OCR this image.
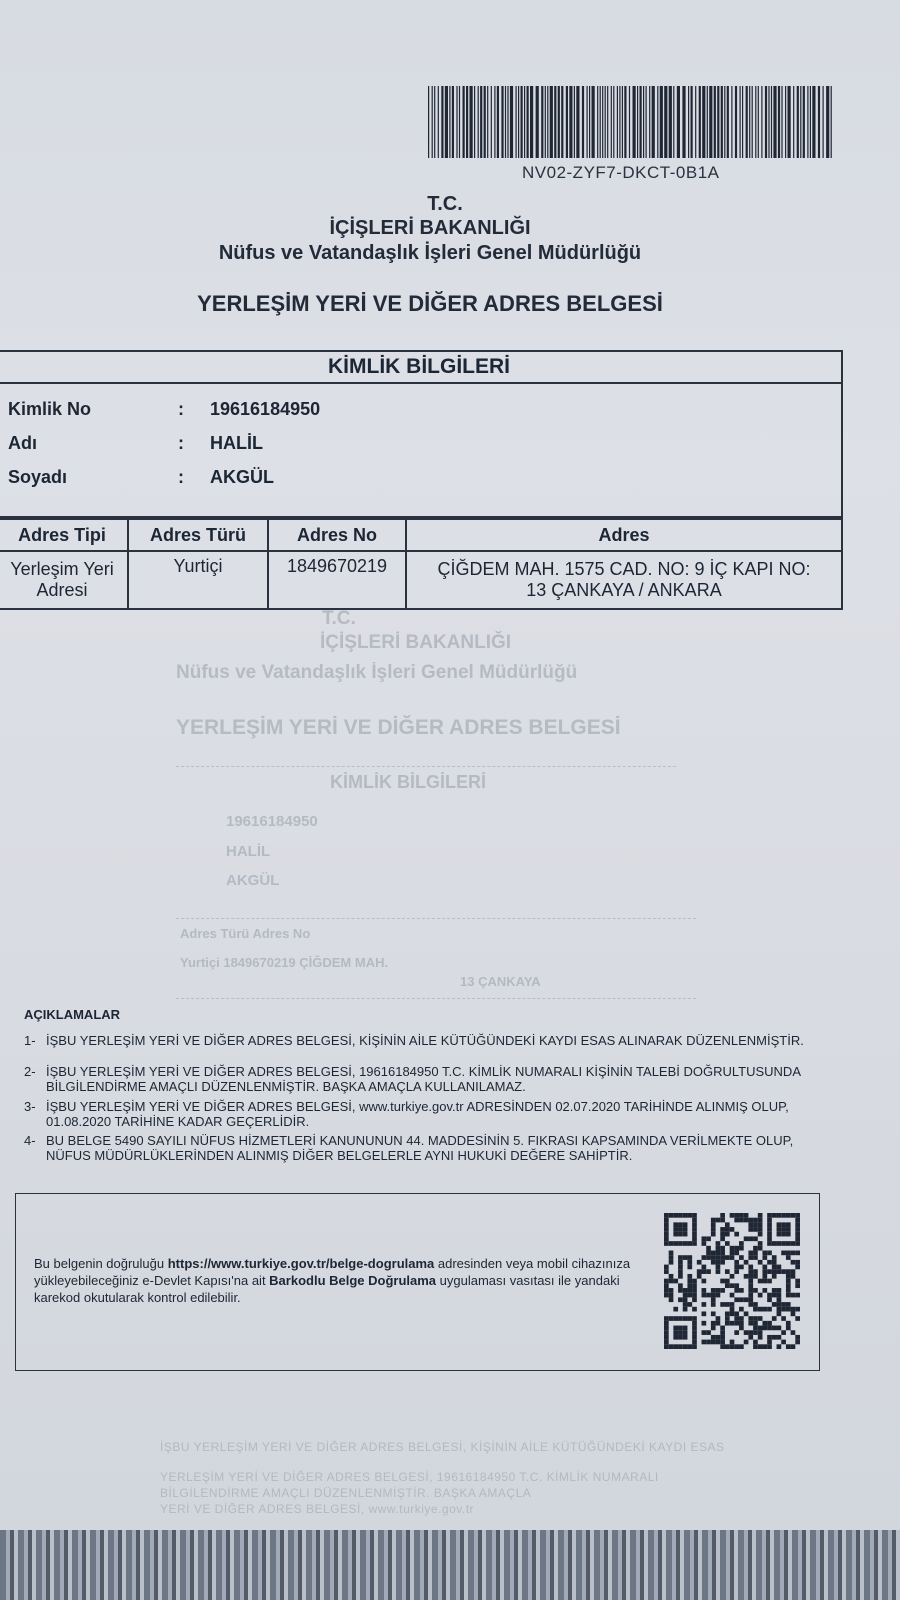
NV02-ZYF7-DKCT-0B1A
T.C.
İÇİŞLERİ BAKANLIĞI
Nüfus ve Vatandaşlık İşleri Genel Müdürlüğü
YERLEŞİM YERİ VE DİĞER ADRES BELGESİ
KİMLİK BİLGİLERİ
Kimlik No	: 19616184950
Adı	: HALİL
Soyadı	: AKGÜL
Adres Tipi	Adres Türü	Adres No	Adres
Yerleşim Yeri
Adresi	Yurtiçi	1849670219	ÇİĞDEM MAH. 1575 CAD. NO: 9 İÇ KAPI NO:
13 ÇANKAYA / ANKARA
T.C.
İÇİŞLERİ BAKANLIĞI
Nüfus ve Vatandaşlık İşleri Genel Müdürlüğü
YERLEŞİM YERİ VE DİĞER ADRES BELGESİ
KİMLİK BİLGİLERİ
19616184950
HALİL
AKGÜL
Adres Türü Adres No
Yurtiçi 1849670219 ÇİĞDEM MAH.
13 ÇANKAYA
AÇIKLAMALAR
1- İŞBU YERLEŞİM YERİ VE DİĞER ADRES BELGESİ, KİŞİNİN AİLE KÜTÜĞÜNDEKİ KAYDI ESAS ALINARAK DÜZENLENMİŞTİR.
2- İŞBU YERLEŞİM YERİ VE DİĞER ADRES BELGESİ, 19616184950 T.C. KİMLİK NUMARALI KİŞİNİN TALEBİ DOĞRULTUSUNDA BİLGİLENDİRME AMAÇLI DÜZENLENMİŞTİR. BAŞKA AMAÇLA KULLANILAMAZ.
3- İŞBU YERLEŞİM YERİ VE DİĞER ADRES BELGESİ, www.turkiye.gov.tr ADRESİNDEN 02.07.2020 TARİHİNDE ALINMIŞ OLUP, 01.08.2020 TARİHİNE KADAR GEÇERLİDİR.
4- BU BELGE 5490 SAYILI NÜFUS HİZMETLERİ KANUNUNUN 44. MADDESİNİN 5. FIKRASI KAPSAMINDA VERİLMEKTE OLUP, NÜFUS MÜDÜRLÜKLERİNDEN ALINMIŞ DİĞER BELGELERLE AYNI HUKUKİ DEĞERE SAHİPTİR.
Bu belgenin doğruluğu https://www.turkiye.gov.tr/belge-dogrulama adresinden veya mobil cihazınıza yükleyebileceğiniz e-Devlet Kapısı'na ait Barkodlu Belge Doğrulama uygulaması vasıtası ile yandaki karekod okutularak kontrol edilebilir.
İŞBU YERLEŞİM YERİ VE DİĞER ADRES BELGESİ, KİŞİNİN AİLE KÜTÜĞÜNDEKİ KAYDI ESAS
YERLEŞİM YERİ VE DİĞER ADRES BELGESİ, 19616184950 T.C. KİMLİK NUMARALI
BİLGİLENDİRME AMAÇLI DÜZENLENMİŞTİR. BAŞKA AMAÇLA
YERİ VE DİĞER ADRES BELGESİ, www.turkiye.gov.tr
